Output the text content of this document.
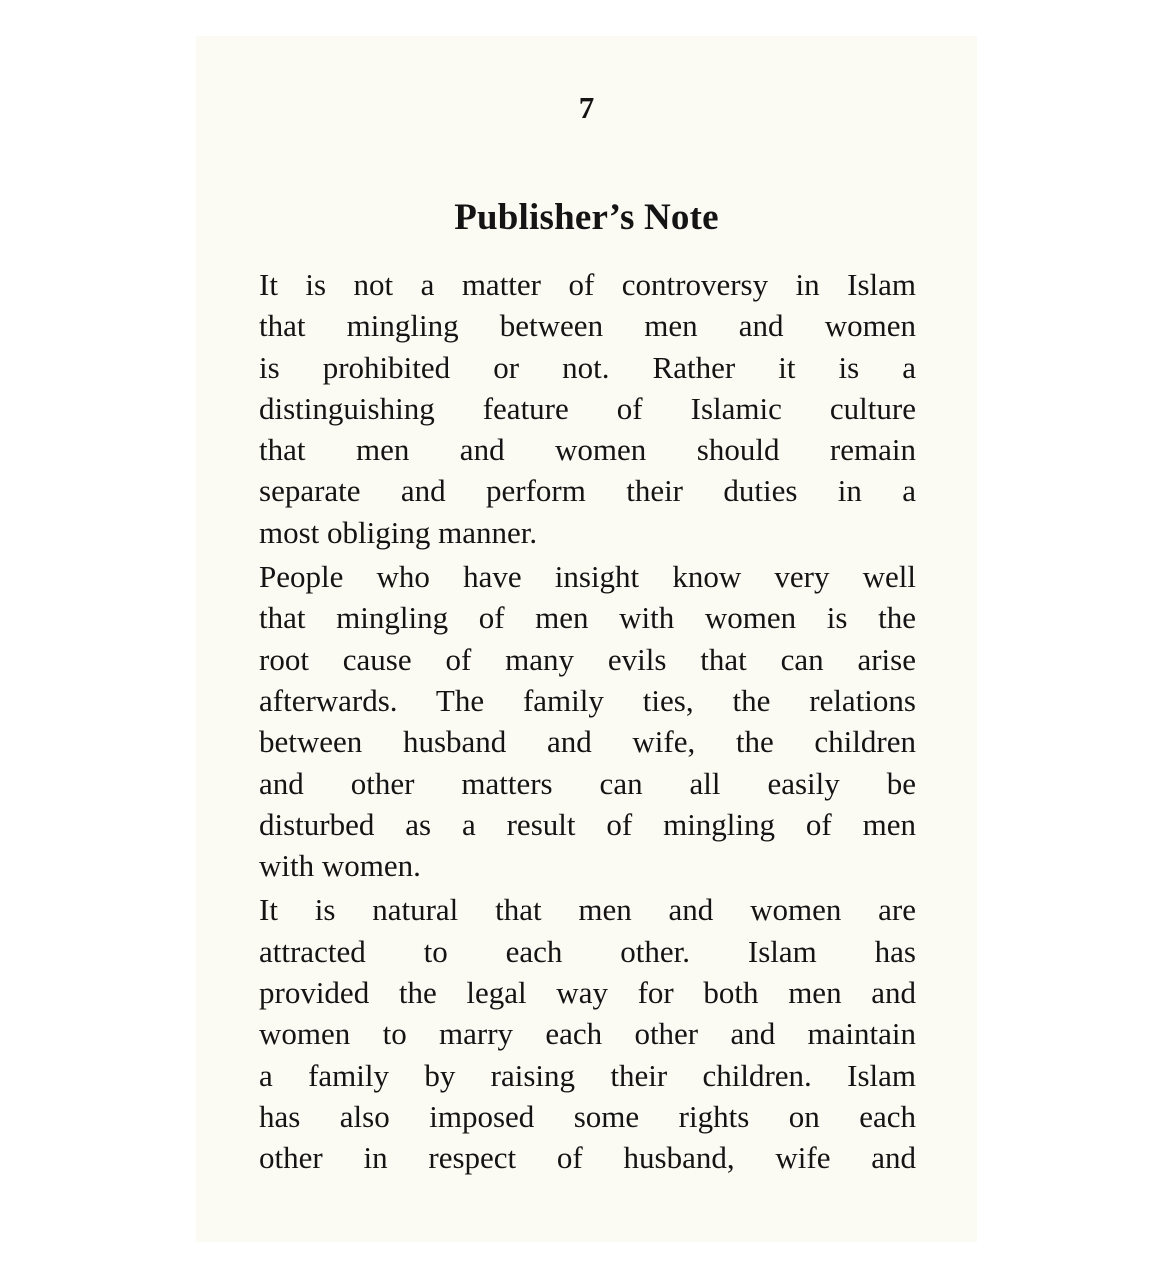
7
Publisher’s Note
It is not a matter of controversy in Islam
that mingling between men and women
is prohibited or not. Rather it is a
distinguishing feature of Islamic culture
that men and women should remain
separate and perform their duties in a
most obliging manner.
People who have insight know very well
that mingling of men with women is the
root cause of many evils that can arise
afterwards. The family ties, the relations
between husband and wife, the children
and other matters can all easily be
disturbed as a result of mingling of men
with women.
It is natural that men and women are
attracted to each other. Islam has
provided the legal way for both men and
women to marry each other and maintain
a family by raising their children. Islam
has also imposed some rights on each
other in respect of husband, wife and
